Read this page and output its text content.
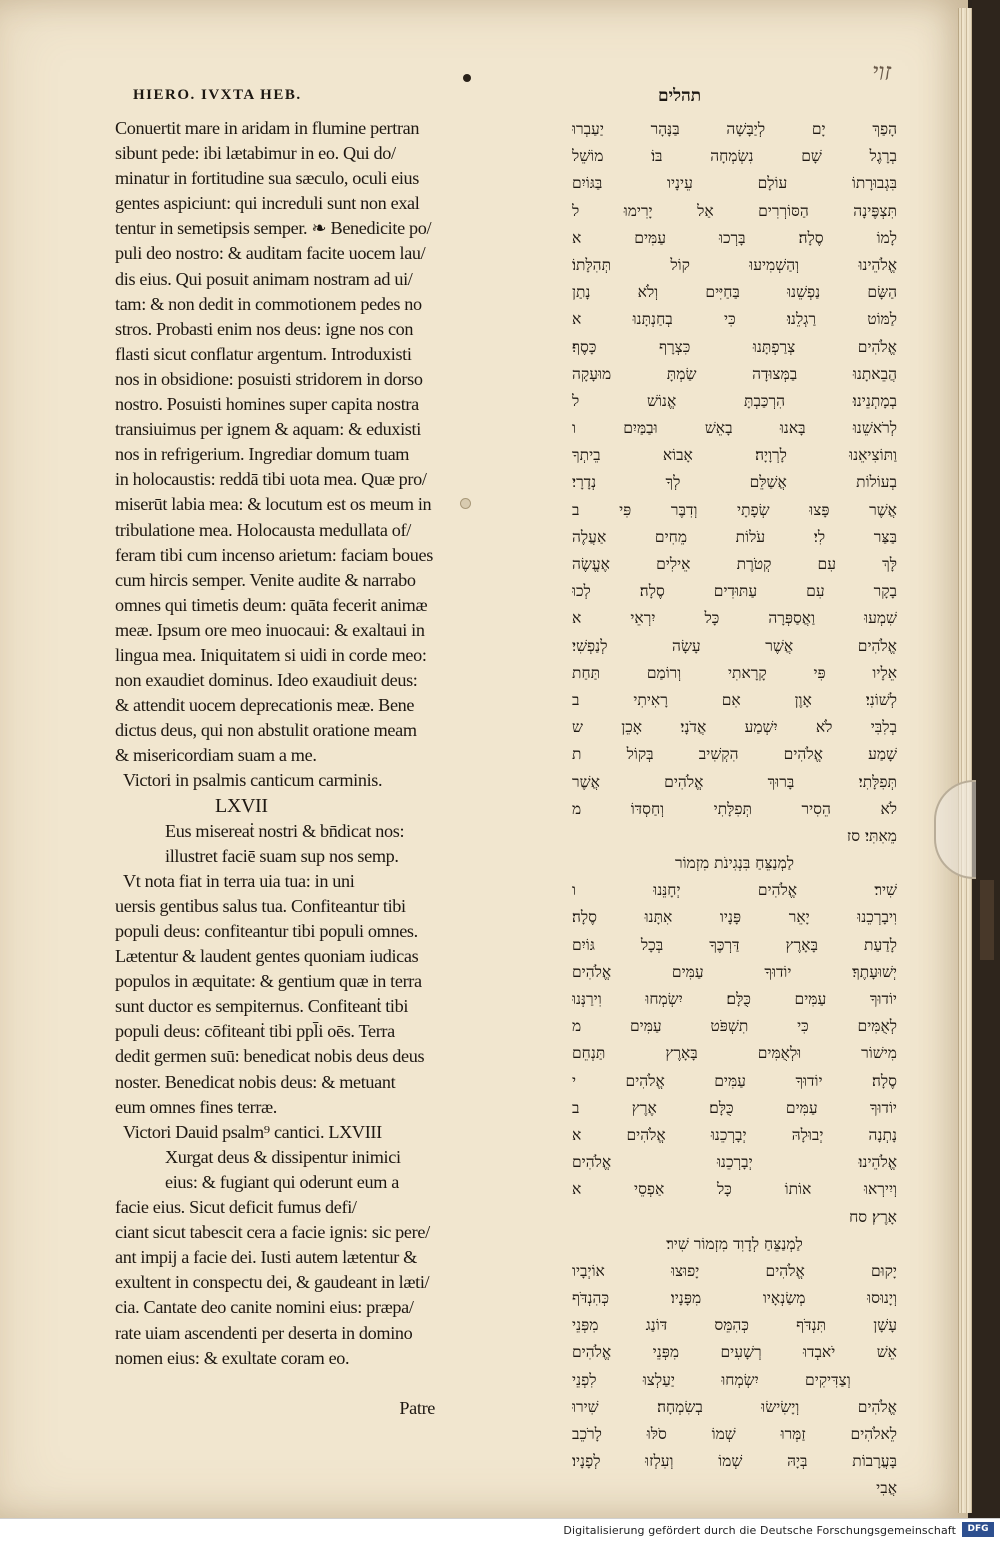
זוי
HIERO. IVXTA HEB.	תהלים
Conuertit mare in aridam in flumine pertran
sibunt pede: ibi lætabimur in eo. Qui do/
minatur in fortitudine sua sæculo, oculi eius
gentes aspiciunt: qui increduli sunt non exal
tentur in semetipsis semper. ❧ Benedicite po/
puli deo nostro: & auditam facite uocem lau/
dis eius. Qui posuit animam nostram ad ui/
tam: & non dedit in commotionem pedes no
stros. Probasti enim nos deus: igne nos con
flasti sicut conflatur argentum. Introduxisti
nos in obsidione: posuisti stridorem in dorso
nostro. Posuisti homines super capita nostra
transiuimus per ignem & aquam: & eduxisti
nos in refrigerium. Ingrediar domum tuam
in holocaustis: reddā tibi uota mea. Quæ pro/
miserūt labia mea: & locutum est os meum in
tribulatione mea. Holocausta medullata of/
feram tibi cum incenso arietum: faciam boues
cum hircis semper. Venite audite & narrabo
omnes qui timetis deum: quāta fecerit animæ
meæ. Ipsum ore meo inuocaui: & exaltaui in
lingua mea. Iniquitatem si uidi in corde meo:
non exaudiet dominus. Ideo exaudiuit deus:
& attendit uocem deprecationis meæ. Bene
dictus deus, qui non abstulit oratione meam
& misericordiam suam a me.
Victori in psalmis canticum carminis.
LXVII
Eus misereaṫ nostri & bn̄dicat nos:
illustret faciē suam sup nos semp.
Vt nota fiat in terra uia tua: in uni
uersis gentibus salus tua. Confiteantur tibi
populi deus: confiteantur tibi populi omnes.
Lætentur & laudent gentes quoniam iudicas
populos in æquitate: & gentium quæ in terra
sunt ductor es sempiternus. Confiteanṫ tibi
populi deus: cōfiteanṫ tibi ppl̄i oēs. Terra
dedit germen suū: benedicat nobis deus deus
noster. Benedicat nobis deus: & metuant
eum omnes fines terræ.
Victori Dauid psalm⁹ cantici. LXVIII
Xurgat deus & dissipentur inimici
eius: & fugiant qui oderunt eum a
facie eius. Sicut deficit fumus defi/
ciant sicut tabescit cera a facie ignis: sic pere/
ant impij a facie dei. Iusti autem lætentur &
exultent in conspectu dei, & gaudeant in læti/
cia. Cantate deo canite nomini eius: præpa/
rate uiam ascendenti per deserta in domino
nomen eius: & exultate coram eo.
Patre
הָפַךְ יָם לְיַבָּשָׁה בַּנָּהָר יַעַבְרוּ
בְרָגֶל שָׁם נִשְׂמְחָה בּוֹ׃ מוֹשֵׁל
בִּגְבוּרָתוֹ עוֹלָם עֵינָיו בַּגּוֹיִם
תִּצְפֶּינָה הַסּוֹרְרִים אַל יָרִימוּ ל
לָמוֹ סֶלָה׃ בָּרְכוּ עַמִּים א
אֱלֹהֵינוּ וְהַשְׁמִיעוּ קוֹל תְּהִלָּתוֹ׃
הַשָּׂם נַפְשֵׁנוּ בַּחַיִּים וְלֹא נָתַן
לַמּוֹט רַגְלֵנוּ׃ כִּי בְחַנְתָּנוּ א
אֱלֹהִים צְרַפְתָּנוּ כִּצְרָף כָּסֶף׃
הֲבֵאתָנוּ בַמְּצוּדָה שַׂמְתָּ מוּעָקָה
בְמָתְנֵינוּ׃ הִרְכַּבְתָּ אֱנוֹשׁ ל
לְרֹאשֵׁנוּ בָּאנוּ בָאֵשׁ וּבַמַּיִם ו
וַתּוֹצִיאֵנוּ לָרְוָיָה׃ אָבוֹא בֵיתְךָ
בְעוֹלוֹת אֲשַׁלֵּם לְךָ נְדָרָי׃
אֲשֶׁר פָּצוּ שְׂפָתָי וְדִבֶּר פִּי ב
בַּצַּר לִי׃ עֹלוֹת מֵחִים אַעֲלֶה
לָּךְ עִם קְטֹרֶת אֵילִים אֶעֱשֶׂה
בָקָר עִם עַתּוּדִים סֶלָה׃ לְכוּ
שִׁמְעוּ וַאֲסַפְּרָה כָּל יִרְאֵי א
אֱלֹהִים אֲשֶׁר עָשָׂה לְנַפְשִׁי׃
אֵלָיו פִּי קָרָאתִי וְרוֹמַם תַּחַת
לְשׁוֹנִי׃ אָוֶן אִם רָאִיתִי ב
בְלִבִּי לֹא יִשְׁמַע אֲדֹנָי׃ אָכֵן ש
שָׁמַע אֱלֹהִים הִקְשִׁיב בְּקוֹל ת
תְּפִלָּתִי׃ בָּרוּךְ אֱלֹהִים אֲשֶׁר
לֹא הֵסִיר תְּפִלָּתִי וְחַסְדּוֹ מ
מֵאִתִּי׃ סז
לַמְנַצֵּחַ בִּנְגִינֹת מִזְמוֹר
שִׁיר׃ אֱלֹהִים יְחָנֵּנוּ ו
וִיבָרְכֵנוּ יָאֵר פָּנָיו אִתָּנוּ סֶלָה׃
לָדַעַת בָּאָרֶץ דַּרְכֶּךָ בְּכָל גּוֹיִם
יְשׁוּעָתֶךָ׃ יוֹדוּךָ עַמִּים אֱלֹהִים
יוֹדוּךָ עַמִּים כֻּלָּם׃ יִשְׂמְחוּ וִירַנְּנוּ
לְאֻמִּים כִּי תִשְׁפֹּט עַמִּים מ
מִישׁוֹר וּלְאֻמִּים בָּאָרֶץ תַּנְחֵם
סֶלָה׃ יוֹדוּךָ עַמִּים אֱלֹהִים י
יוֹדוּךָ עַמִּים כֻּלָּם׃ אֶרֶץ ב
נָתְנָה יְבוּלָהּ יְבָרְכֵנוּ אֱלֹהִים א
אֱלֹהֵינוּ׃ יְבָרְכֵנוּ אֱלֹהִים
וְיִירְאוּ אוֹתוֹ כָּל אַפְסֵי א
אָרֶץ׃ סח
לַמְנַצֵּחַ לְדָוִד מִזְמוֹר שִׁיר׃
יָקוּם אֱלֹהִים יָפוּצוּ אוֹיְבָיו
וְיָנוּסוּ מְשַׂנְאָיו מִפָּנָיו׃ כְּהִנְדֹּף
עָשָׁן תִּנְדֹּף כְּהִמֵּס דּוֹנַג מִפְּנֵי
אֵשׁ יֹאבְדוּ רְשָׁעִים מִפְּנֵי אֱלֹהִים
׃ וְצַדִּיקִים יִשְׂמְחוּ יַעַלְצוּ לִפְנֵי
אֱלֹהִים וְיָשִׂישׂוּ בְשִׂמְחָה׃ שִׁירוּ
לֵאלֹהִים זַמְּרוּ שְׁמוֹ סֹלּוּ לָרֹכֵב
בָּעֲרָבוֹת בְּיָהּ שְׁמוֹ וְעִלְזוּ לְפָנָיו׃
אֲבִי
Digitalisierung gefördert durch die Deutsche Forschungsgemeinschaft	DFG
